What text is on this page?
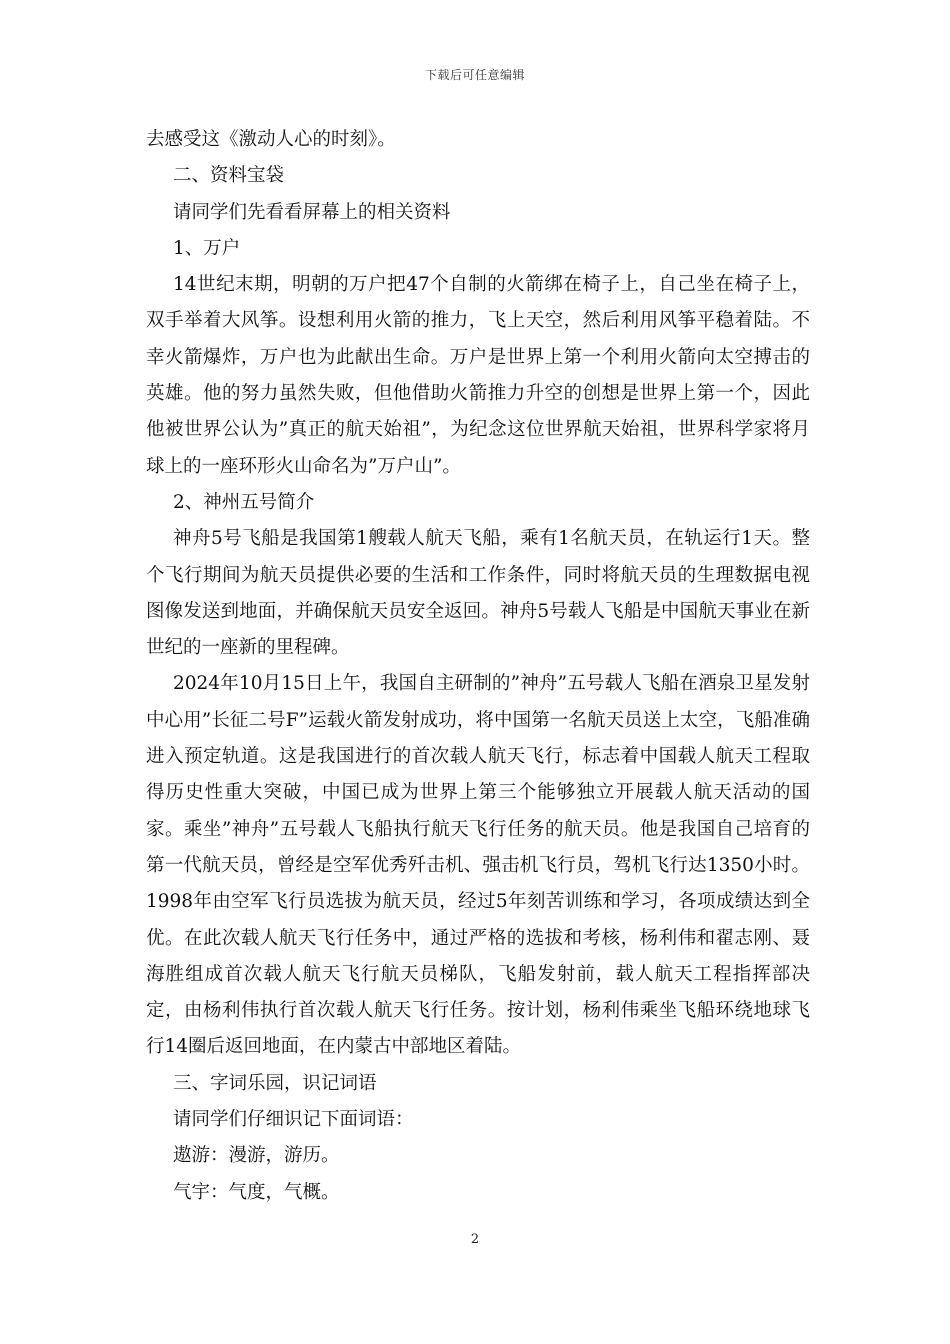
下载后可任意编辑

去感受这《激动人心的时刻》。

二、资料宝袋

请同学们先看看屏幕上的相关资料

1、万户

14世纪末期，明朝的万户把47个自制的火箭绑在椅子上，自己坐在椅子上，双手举着大风筝。设想利用火箭的推力，飞上天空，然后利用风筝平稳着陆。不幸火箭爆炸，万户也为此献出生命。万户是世界上第一个利用火箭向太空搏击的英雄。他的努力虽然失败，但他借助火箭推力升空的创想是世界上第一个，因此他被世界公认为”真正的航天始祖”，为纪念这位世界航天始祖，世界科学家将月球上的一座环形火山命名为”万户山”。

2、神州五号简介

神舟5号飞船是我国第1艘载人航天飞船，乘有1名航天员，在轨运行1天。整个飞行期间为航天员提供必要的生活和工作条件，同时将航天员的生理数据电视图像发送到地面，并确保航天员安全返回。神舟5号载人飞船是中国航天事业在新世纪的一座新的里程碑。

2024年10月15日上午，我国自主研制的”神舟”五号载人飞船在酒泉卫星发射中心用”长征二号F”运载火箭发射成功，将中国第一名航天员送上太空，飞船准确进入预定轨道。这是我国进行的首次载人航天飞行，标志着中国载人航天工程取得历史性重大突破，中国已成为世界上第三个能够独立开展载人航天活动的国家。乘坐”神舟”五号载人飞船执行航天飞行任务的航天员。他是我国自己培育的第一代航天员，曾经是空军优秀歼击机、强击机飞行员，驾机飞行达1350小时。1998年由空军飞行员选拔为航天员，经过5年刻苦训练和学习，各项成绩达到全优。在此次载人航天飞行任务中，通过严格的选拔和考核，杨利伟和翟志刚、聂海胜组成首次载人航天飞行航天员梯队，飞船发射前，载人航天工程指挥部决定，由杨利伟执行首次载人航天飞行任务。按计划，杨利伟乘坐飞船环绕地球飞行14圈后返回地面，在内蒙古中部地区着陆。

三、字词乐园，识记词语

请同学们仔细识记下面词语：

遨游：漫游，游历。

气宇：气度，气概。

2
